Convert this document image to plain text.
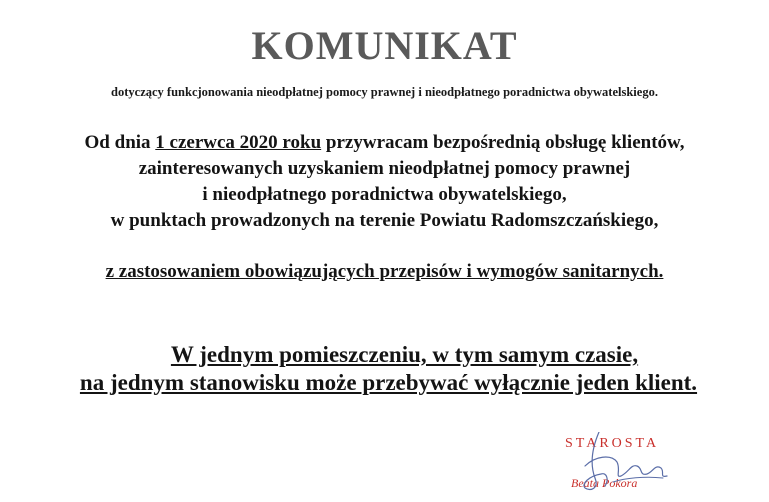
KOMUNIKAT
dotyczący funkcjonowania nieodpłatnej pomocy prawnej i nieodpłatnego poradnictwa obywatelskiego.
Od dnia 1 czerwca 2020 roku przywracam bezpośrednią obsługę klientów,
zainteresowanych uzyskaniem nieodpłatnej pomocy prawnej
i nieodpłatnego poradnictwa obywatelskiego,
w punktach prowadzonych na terenie Powiatu Radomszczańskiego,
z zastosowaniem obowiązujących przepisów i wymogów sanitarnych.
W jednym pomieszczeniu, w tym samym czasie,
na jednym stanowisku może przebywać wyłącznie jeden klient.
STAROSTA
Beata Pokora
